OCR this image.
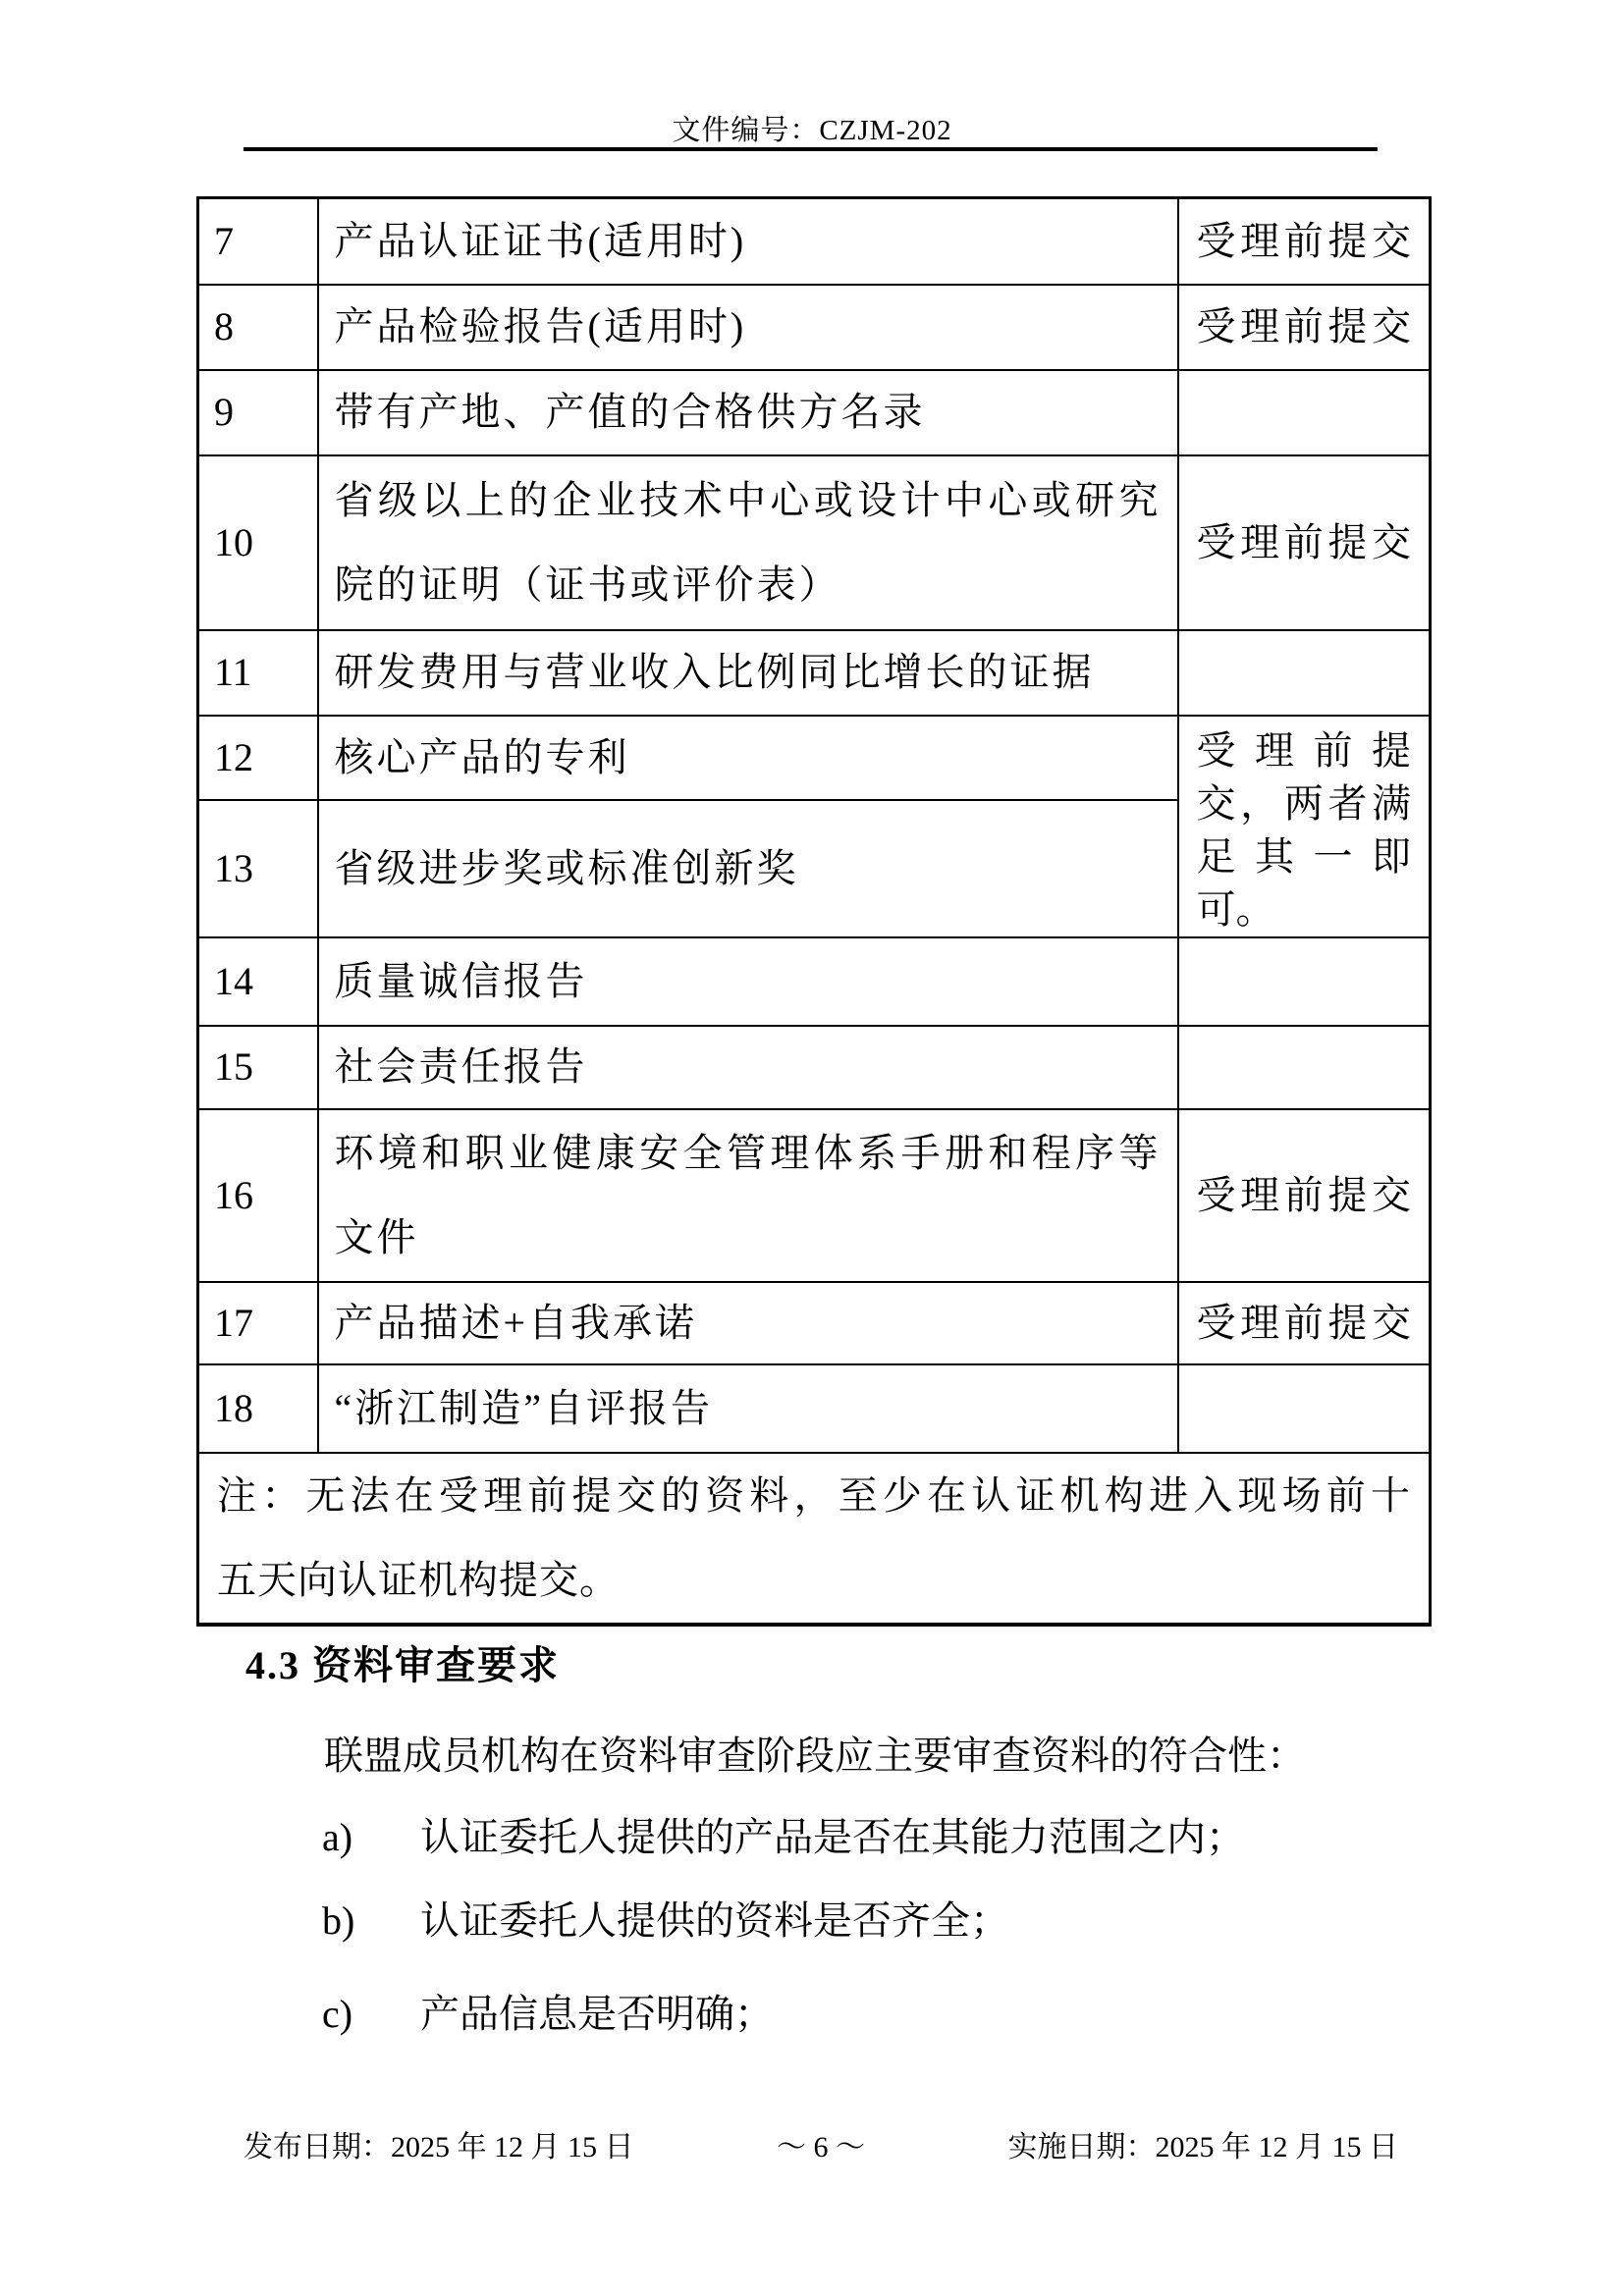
文件编号：CZJM-202
7	产品认证证书(适用时)	受理前提交

8	产品检验报告(适用时)	受理前提交

9	带有产地、产值的合格供方名录	
10	省级以上的企业技术中心或设计中心或研究
院的证明（证书或评价表）	受理前提交

11	研发费用与营业收入比例同比增长的证据	
12	核心产品的专利	受理前提
交，两者满
足其一即
可。

13	省级进步奖或标准创新奖	
14	质量诚信报告	
15	社会责任报告	
16	环境和职业健康安全管理体系手册和程序等
文件	受理前提交

17	产品描述+自我承诺	受理前提交

18	“浙江制造”自评报告	

注：无法在受理前提交的资料，至少在认证机构进入现场前十
五天向认证机构提交。		
4.3 资料审查要求
联盟成员机构在资料审查阶段应主要审查资料的符合性：
a) 认证委托人提供的产品是否在其能力范围之内；
b) 认证委托人提供的资料是否齐全；
c) 产品信息是否明确；
发布日期：2025 年 12 月 15 日	～ 6 ～	实施日期：2025 年 12 月 15 日
